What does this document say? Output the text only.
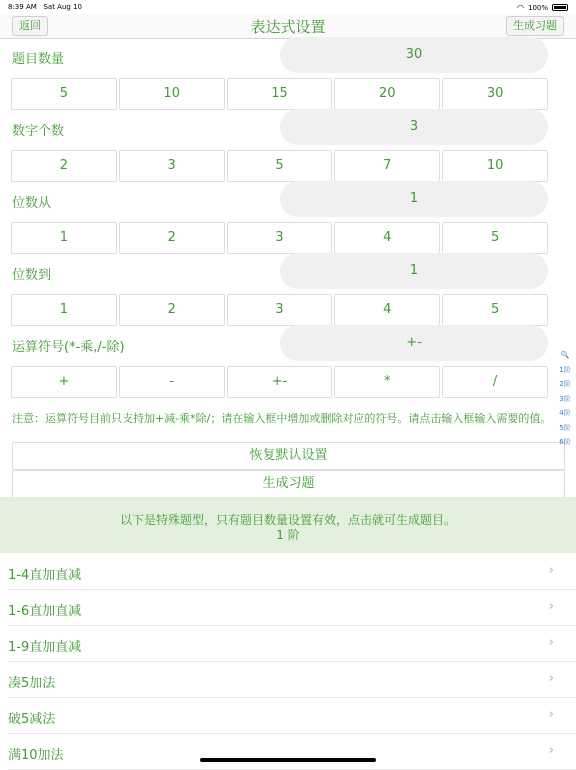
8:39 AM Sat Aug 10	◠ 100%
返回	表达式设置	生成习题
题目数量	30
5	10	15	20	30
数字个数	3
2	3	5	7	10
位数从	1
1	2	3	4	5
位数到	1
1	2	3	4	5
运算符号(*-乘,/-除)	+-
+	-	+-	*	/
注意：运算符号目前只支持加+减-乘*除/；请在输入框中增加或删除对应的符号。请点击输入框输入需要的值。
恢复默认设置
生成习题
以下是特殊题型，只有题目数量设置有效，点击就可生成题目。
1 阶
1-4直加直减	›
1-6直加直减	›
1-9直加直减	›
凑5加法	›
破5减法	›
满10加法	›
🔍
1阶
2阶
3阶
4阶
5阶
6阶
